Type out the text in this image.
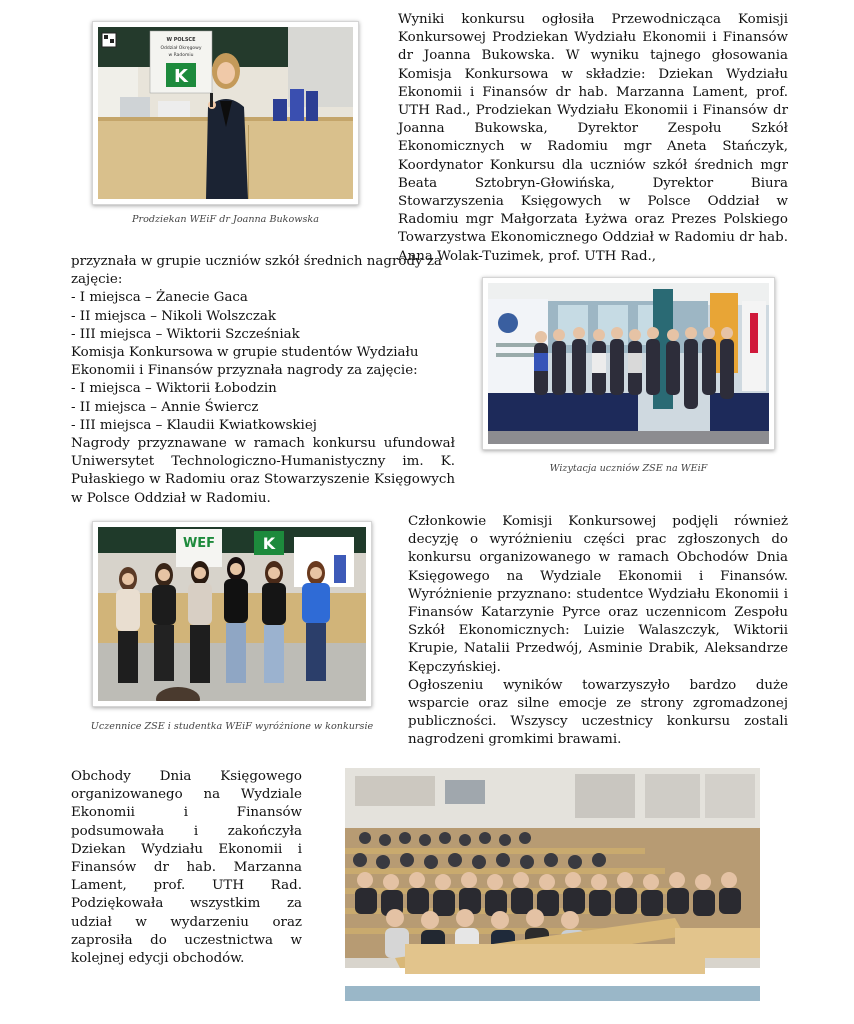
W POLSCE
Oddział Okręgowy
w Radomiu
K

Prodziekan WEiF dr Joanna Bukowska

Wyniki konkursu ogłosiła Przewodnicząca Komisji Konkursowej Prodziekan Wydziału Ekonomii i Finansów dr Joanna Bukowska. W wyniku tajnego głosowania Komisja Konkursowa w składzie: Dziekan Wydziału Ekonomii i Finansów dr hab. Marzanna Lament, prof. UTH Rad., Prodziekan Wydziału Ekonomii i Finansów dr Joanna Bukowska, Dyrektor Zespołu Szkół Ekonomicznych w Radomiu mgr Aneta Stańczyk, Koordynator Konkursu dla uczniów szkół średnich mgr Beata Sztobryn-Głowińska, Dyrektor Biura Stowarzyszenia Księgowych w Polsce Oddział w Radomiu mgr Małgorzata Łyżwa oraz Prezes Polskiego Towarzystwa Ekonomicznego Oddział w Radomiu dr hab. Anna Wolak-Tuzimek, prof. UTH Rad.,

przyznała w grupie uczniów szkół średnich nagrody za zajęcie:

- I miejsca – Żanecie Gaca
- II miejsca – Nikoli Wolszczak
- III miejsca – Wiktorii Szcześniak

Komisja Konkursowa w grupie studentów Wydziału Ekonomii i Finansów przyznała nagrody za zajęcie:

- I miejsca – Wiktorii Łobodzin
- II miejsca – Annie Świercz
- III miejsca – Klaudii Kwiatkowskiej

Nagrody przyznawane w ramach konkursu ufundował Uniwersytet Technologiczno-Humanistyczny im. K. Pułaskiego w Radomiu oraz Stowarzyszenie Księgowych w Polsce Oddział w Radomiu.

Wizytacja uczniów ZSE na WEiF

WEF	K

Uczennice ZSE i studentka WEiF wyróżnione w konkursie

Członkowie Komisji Konkursowej podjęli również decyzję o wyróżnieniu części prac zgłoszonych do konkursu organizowanego w ramach Obchodów Dnia Księgowego na Wydziale Ekonomii i Finansów. Wyróżnienie przyznano: studentce Wydziału Ekonomii i Finansów Katarzynie Pyrce oraz uczennicom Zespołu Szkół Ekonomicznych: Luizie Walaszczyk, Wiktorii Krupie, Natalii Przedwój, Asminie Drabik, Aleksandrze Kępczyńskiej.

Ogłoszeniu wyników towarzyszyło bardzo duże wsparcie oraz silne emocje ze strony zgromadzonej publiczności. Wszyscy uczestnicy konkursu zostali nagrodzeni gromkimi brawami.

Obchody Dnia Księgowego organizowanego na Wydziale Ekonomii i Finansów podsumowała i zakończyła Dziekan Wydziału Ekonomii i Finansów dr hab. Marzanna Lament, prof. UTH Rad. Podziękowała wszystkim za udział w wydarzeniu oraz zaprosiła do uczestnictwa w kolejnej edycji obchodów.
